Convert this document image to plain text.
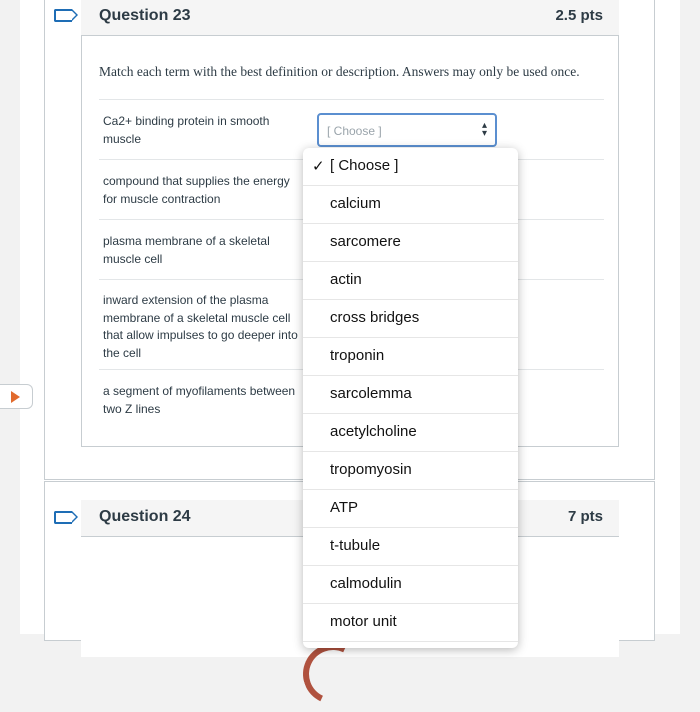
Question 23	2.5 pts
Match each term with the best definition or description. Answers may only be used once.
Ca2+ binding protein in smooth muscle
[ Choose ]	▴
▾
compound that supplies the energy for muscle contraction
plasma membrane of a skeletal muscle cell
inward extension of the plasma membrane of a skeletal muscle cell that allow impulses to go deeper into the cell
a segment of myofilaments between two Z lines
Question 24	7 pts
✓ [ Choose ]
calcium
sarcomere
actin
cross bridges
troponin
sarcolemma
acetylcholine
tropomyosin
ATP
t-tubule
calmodulin
motor unit
